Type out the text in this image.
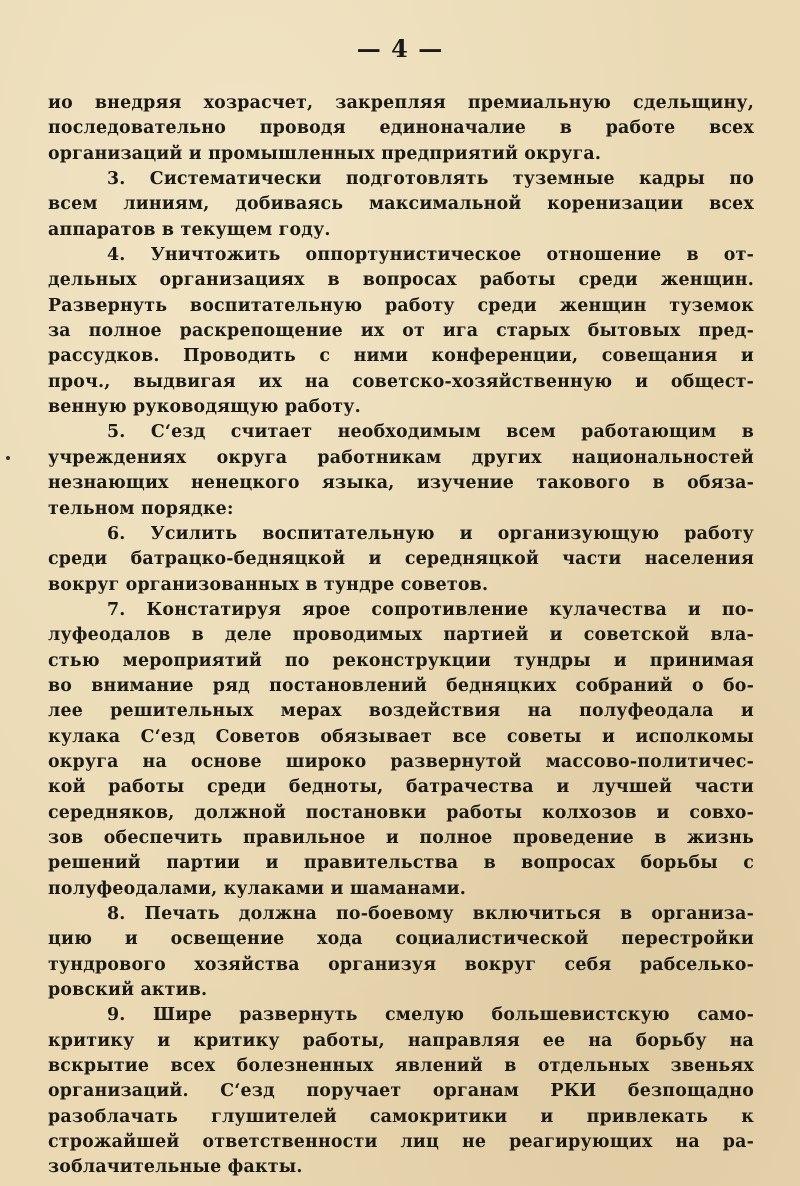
— 4 —
ио внедряя хозрасчет, закрепляя премиальную сдельщину,
последовательно проводя единоначалие в работе всех
организаций и промышленных предприятий округа.
3. Систематически подготовлять туземные кадры по
всем линиям, добиваясь максимальной коренизации всех
аппаратов в текущем году.
4. Уничтожить оппортунистическое отношение в от-
дельных организациях в вопросах работы среди женщин.
Развернуть воспитательную работу среди женщин туземок
за полное раскрепощение их от ига старых бытовых пред-
рассудков. Проводить с ними конференции, совещания и
проч., выдвигая их на советско-хозяйственную и общест-
венную руководящую работу.
5. С‘езд считает необходимым всем работающим в
учреждениях округа работникам других национальностей
незнающих ненецкого языка, изучение такового в обяза-
тельном порядке:
6. Усилить воспитательную и организующую работу
среди батрацко-бедняцкой и середняцкой части населения
вокруг организованных в тундре советов.
7. Констатируя ярое сопротивление кулачества и по-
луфеодалов в деле проводимых партией и советской вла-
стью мероприятий по реконструкции тундры и принимая
во внимание ряд постановлений бедняцких собраний о бо-
лее решительных мерах воздействия на полуфеодала и
кулака С‘езд Советов обязывает все советы и исполкомы
округа на основе широко развернутой массово-политичес-
кой работы среди бедноты, батрачества и лучшей части
середняков, должной постановки работы колхозов и совхо-
зов обеспечить правильное и полное проведение в жизнь
решений партии и правительства в вопросах борьбы с
полуфеодалами, кулаками и шаманами.
8. Печать должна по-боевому включиться в организа-
цию и освещение хода социалистической перестройки
тундрового хозяйства организуя вокруг себя рабселько-
ровский актив.
9. Шире развернуть смелую большевистскую само-
критику и критику работы, направляя ее на борьбу на
вскрытие всех болезненных явлений в отдельных звеньях
организаций. С‘езд поручает органам РКИ безпощадно
разоблачать глушителей самокритики и привлекать к
строжайшей ответственности лиц не реагирующих на ра-
зоблачительные факты.
